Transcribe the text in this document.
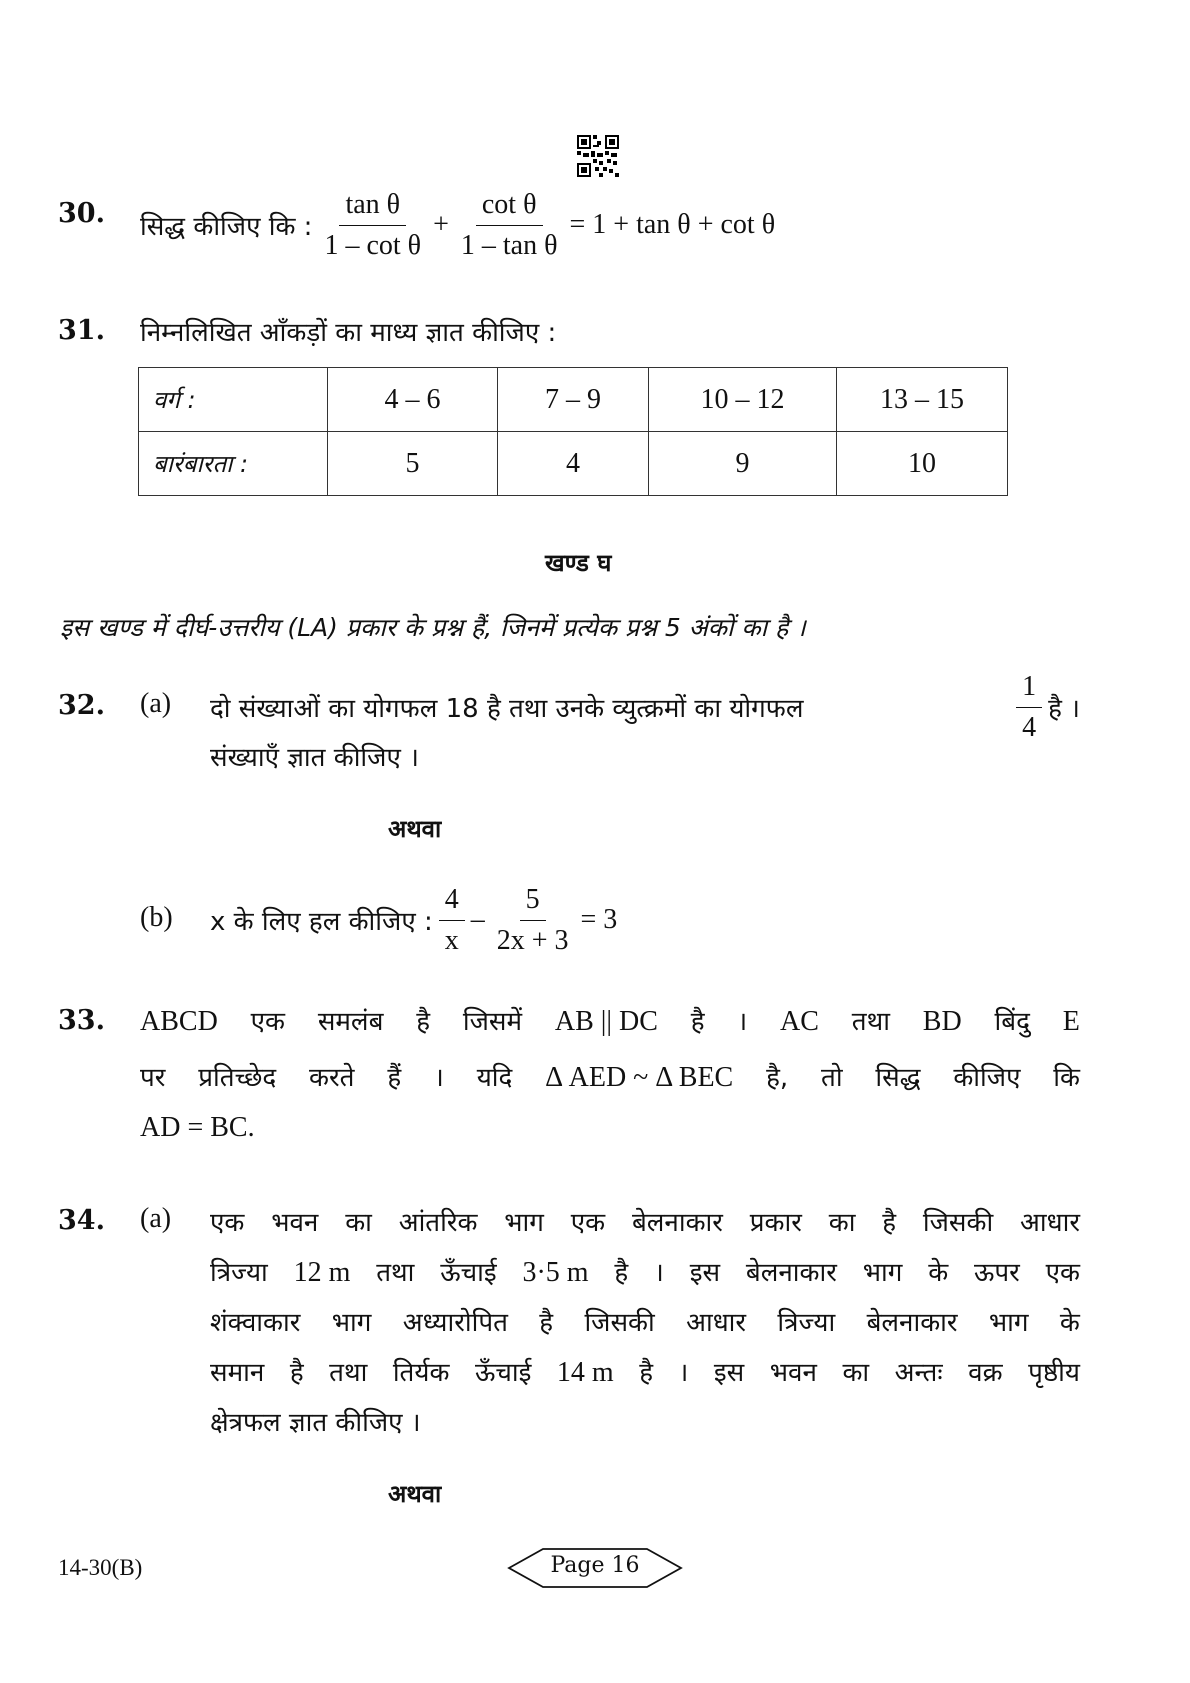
30. सिद्ध कीजिए कि : $\frac{\text{tan θ}}{\text{1 – cot θ}} + \frac{\text{cot θ}}{\text{1 – tan θ}} = 1 + \tan \theta + \cot \theta$
31. निम्नलिखित आँकड़ों का माध्य ज्ञात कीजिए :
वर्ग :	4 – 6	7 – 9	10 – 12	13 – 15
बारंबारता :	5	4	9	10
खण्ड घ
इस खण्ड में दीर्घ-उत्तरीय (LA) प्रकार के प्रश्न हैं, जिनमें प्रत्येक प्रश्न 5 अंकों का है ।
32. (a) दो संख्याओं का योगफल 18 है तथा उनके व्युत्क्रमों का योगफल	$\frac{1}{4}$ है ।
संख्याएँ ज्ञात कीजिए ।
अथवा
(b) x के लिए हल कीजिए : $\frac{4}{x} - \frac{5}{2x + 3} = 3$
33. ABCD एक समलंब है जिसमें AB || DC है । AC तथा BD बिंदु E
पर प्रतिच्छेद करते हैं । यदि Δ AED ~ Δ BEC है, तो सिद्ध कीजिए कि
AD = BC.
34. (a) एक भवन का आंतरिक भाग एक बेलनाकार प्रकार का है जिसकी आधार
त्रिज्या 12 m तथा ऊँचाई 3·5 m है । इस बेलनाकार भाग के ऊपर एक
शंक्वाकार भाग अध्यारोपित है जिसकी आधार त्रिज्या बेलनाकार भाग के
समान है तथा तिर्यक ऊँचाई 14 m है । इस भवन का अन्तः वक्र पृष्ठीय
क्षेत्रफल ज्ञात कीजिए ।
अथवा
14-30(B)	Page 16
